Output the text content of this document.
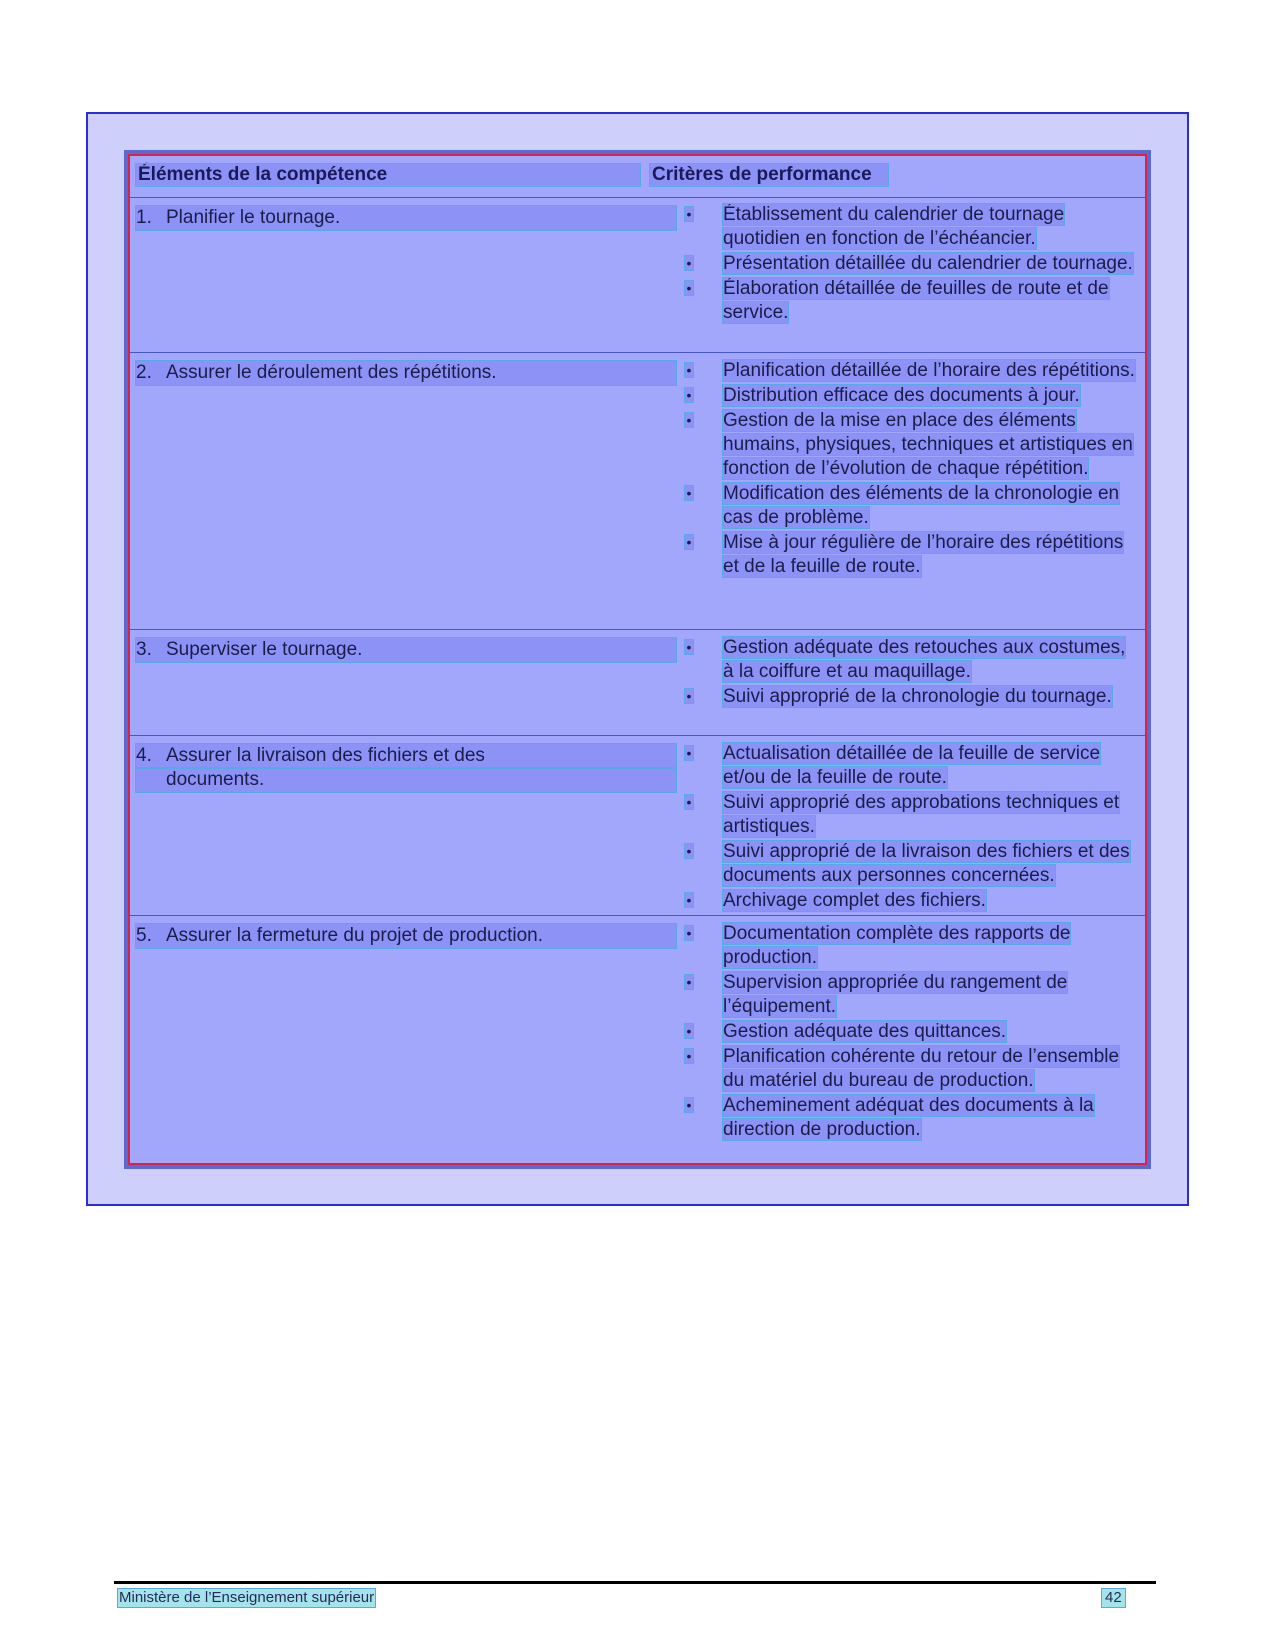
Éléments de la compétence	Critères de performance
1. Planifier le tournage.	• Établissement du calendrier de tournage quotidien en fonction de l’échéancier.
• Présentation détaillée du calendrier de tournage.
• Élaboration détaillée de feuilles de route et de service.
2. Assurer le déroulement des répétitions.	• Planification détaillée de l’horaire des répétitions.
• Distribution efficace des documents à jour.
• Gestion de la mise en place des éléments humains, physiques, techniques et artistiques en fonction de l’évolution de chaque répétition.
• Modification des éléments de la chronologie en cas de problème.
• Mise à jour régulière de l’horaire des répétitions et de la feuille de route.
3. Superviser le tournage.	• Gestion adéquate des retouches aux costumes, à la coiffure et au maquillage.
• Suivi approprié de la chronologie du tournage.
4. Assurer la livraison des fichiers et des
documents.
• Actualisation détaillée de la feuille de service et/ou de la feuille de route.
• Suivi approprié des approbations techniques et artistiques.
• Suivi approprié de la livraison des fichiers et des documents aux personnes concernées.
• Archivage complet des fichiers.
5. Assurer la fermeture du projet de production.	• Documentation complète des rapports de production.
• Supervision appropriée du rangement de l’équipement.
• Gestion adéquate des quittances.
• Planification cohérente du retour de l’ensemble du matériel du bureau de production.
• Acheminement adéquat des documents à la direction de production.
Ministère de l’Enseignement supérieur	42
